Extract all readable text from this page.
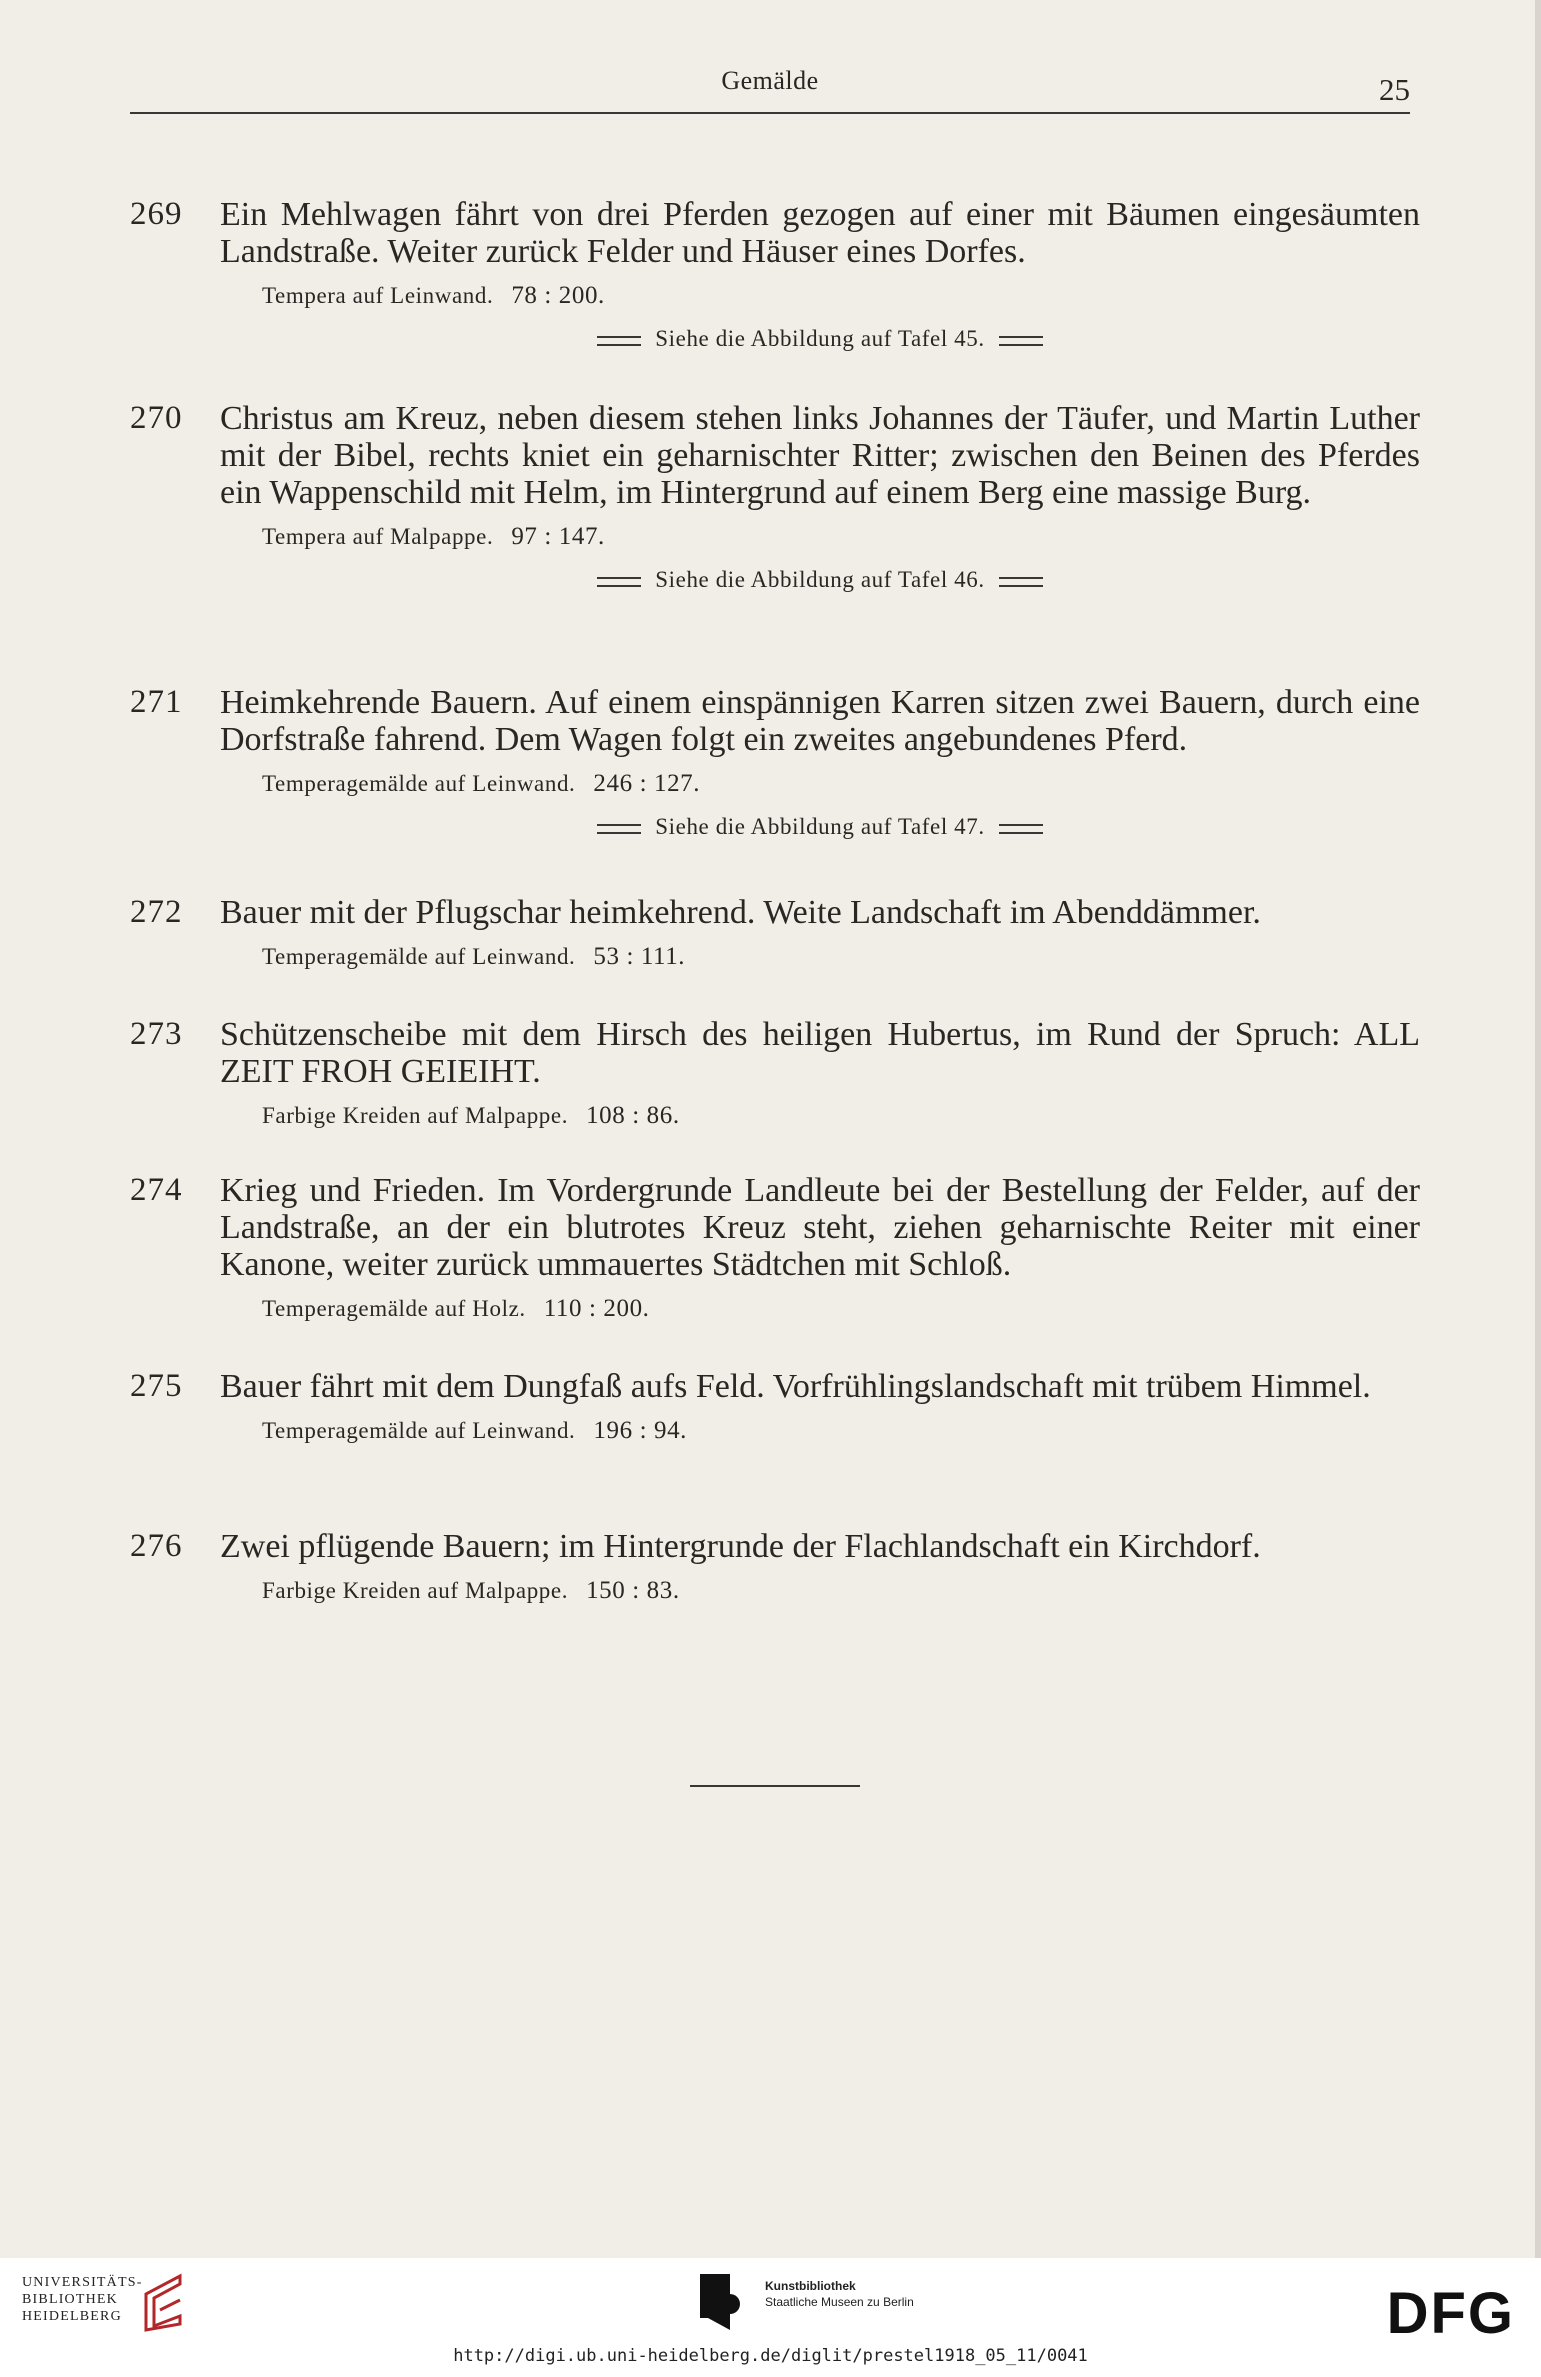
Gemälde	25
269 Ein Mehlwagen fährt von drei Pferden gezogen auf einer mit Bäumen eingesäumten Landstraße. Weiter zurück Felder und Häuser eines Dorfes.
Tempera auf Leinwand. 78 : 200.
Siehe die Abbildung auf Tafel 45.
270 Christus am Kreuz, neben diesem stehen links Johannes der Täufer, und Martin Luther mit der Bibel, rechts kniet ein geharnischter Ritter; zwischen den Beinen des Pferdes ein Wappenschild mit Helm, im Hintergrund auf einem Berg eine massige Burg.
Tempera auf Malpappe. 97 : 147.
Siehe die Abbildung auf Tafel 46.
271 Heimkehrende Bauern. Auf einem einspännigen Karren sitzen zwei Bauern, durch eine Dorfstraße fahrend. Dem Wagen folgt ein zweites angebundenes Pferd.
Temperagemälde auf Leinwand. 246 : 127.
Siehe die Abbildung auf Tafel 47.
272 Bauer mit der Pflugschar heimkehrend. Weite Landschaft im Abenddämmer.
Temperagemälde auf Leinwand. 53 : 111.
273 Schützenscheibe mit dem Hirsch des heiligen Hubertus, im Rund der Spruch: ALL ZEIT FROH GEIEIHT.
Farbige Kreiden auf Malpappe. 108 : 86.
274 Krieg und Frieden. Im Vordergrunde Landleute bei der Bestellung der Felder, auf der Landstraße, an der ein blutrotes Kreuz steht, ziehen geharnischte Reiter mit einer Kanone, weiter zurück ummauertes Städtchen mit Schloß.
Temperagemälde auf Holz. 110 : 200.
275 Bauer fährt mit dem Dungfaß aufs Feld. Vorfrühlingslandschaft mit trübem Himmel.
Temperagemälde auf Leinwand. 196 : 94.
276 Zwei pflügende Bauern; im Hintergrunde der Flachlandschaft ein Kirchdorf.
Farbige Kreiden auf Malpappe. 150 : 83.
UNIVERSITÄTS-
BIBLIOTHEK
HEIDELBERG
Kunstbibliothek
Staatliche Museen zu Berlin	DFG
http://digi.ub.uni-heidelberg.de/diglit/prestel1918_05_11/0041
